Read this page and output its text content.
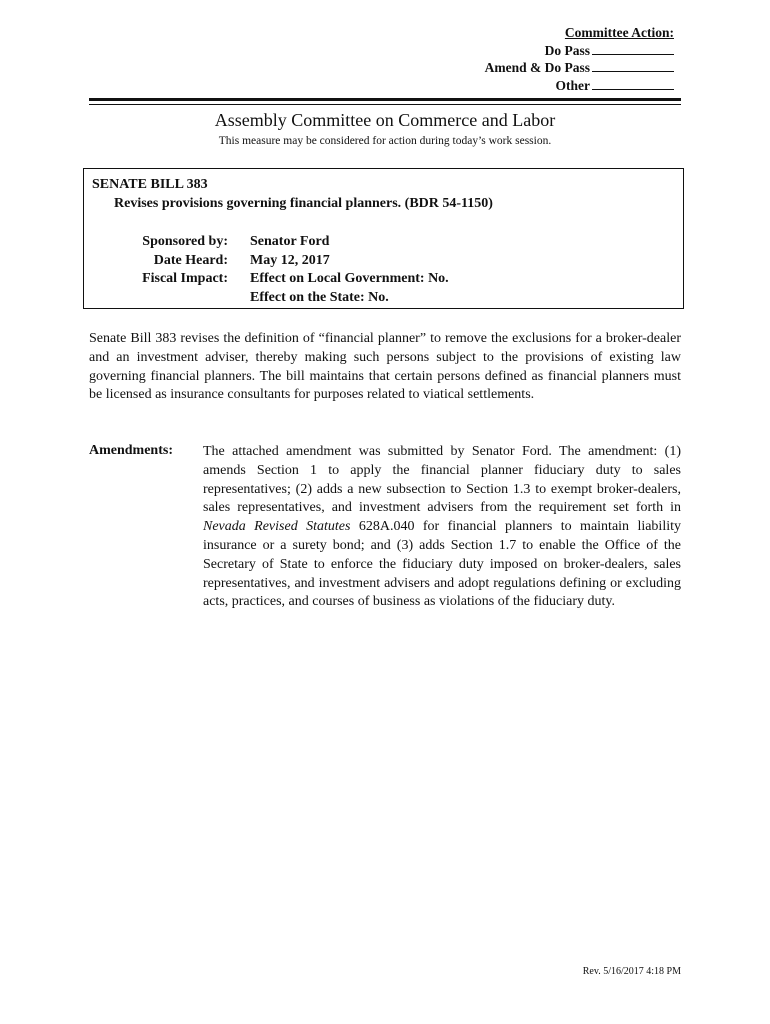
Committee Action:
Do Pass
Amend & Do Pass
Other
Assembly Committee on Commerce and Labor
This measure may be considered for action during today’s work session.
SENATE BILL 383
Revises provisions governing financial planners. (BDR 54-1150)
Sponsored by: Senator Ford
Date Heard: May 12, 2017
Fiscal Impact: Effect on Local Government: No.
Effect on the State: No.

Senate Bill 383 revises the definition of “financial planner” to remove the exclusions for a broker-dealer and an investment adviser, thereby making such persons subject to the provisions of existing law governing financial planners. The bill maintains that certain persons defined as financial planners must be licensed as insurance consultants for purposes related to viatical settlements.

Amendments: The attached amendment was submitted by Senator Ford. The amendment: (1) amends Section 1 to apply the financial planner fiduciary duty to sales representatives; (2) adds a new subsection to Section 1.3 to exempt broker-dealers, sales representatives, and investment advisers from the requirement set forth in Nevada Revised Statutes 628A.040 for financial planners to maintain liability insurance or a surety bond; and (3) adds Section 1.7 to enable the Office of the Secretary of State to enforce the fiduciary duty imposed on broker-dealers, sales representatives, and investment advisers and adopt regulations defining or excluding acts, practices, and courses of business as violations of the fiduciary duty.

Rev. 5/16/2017 4:18 PM
